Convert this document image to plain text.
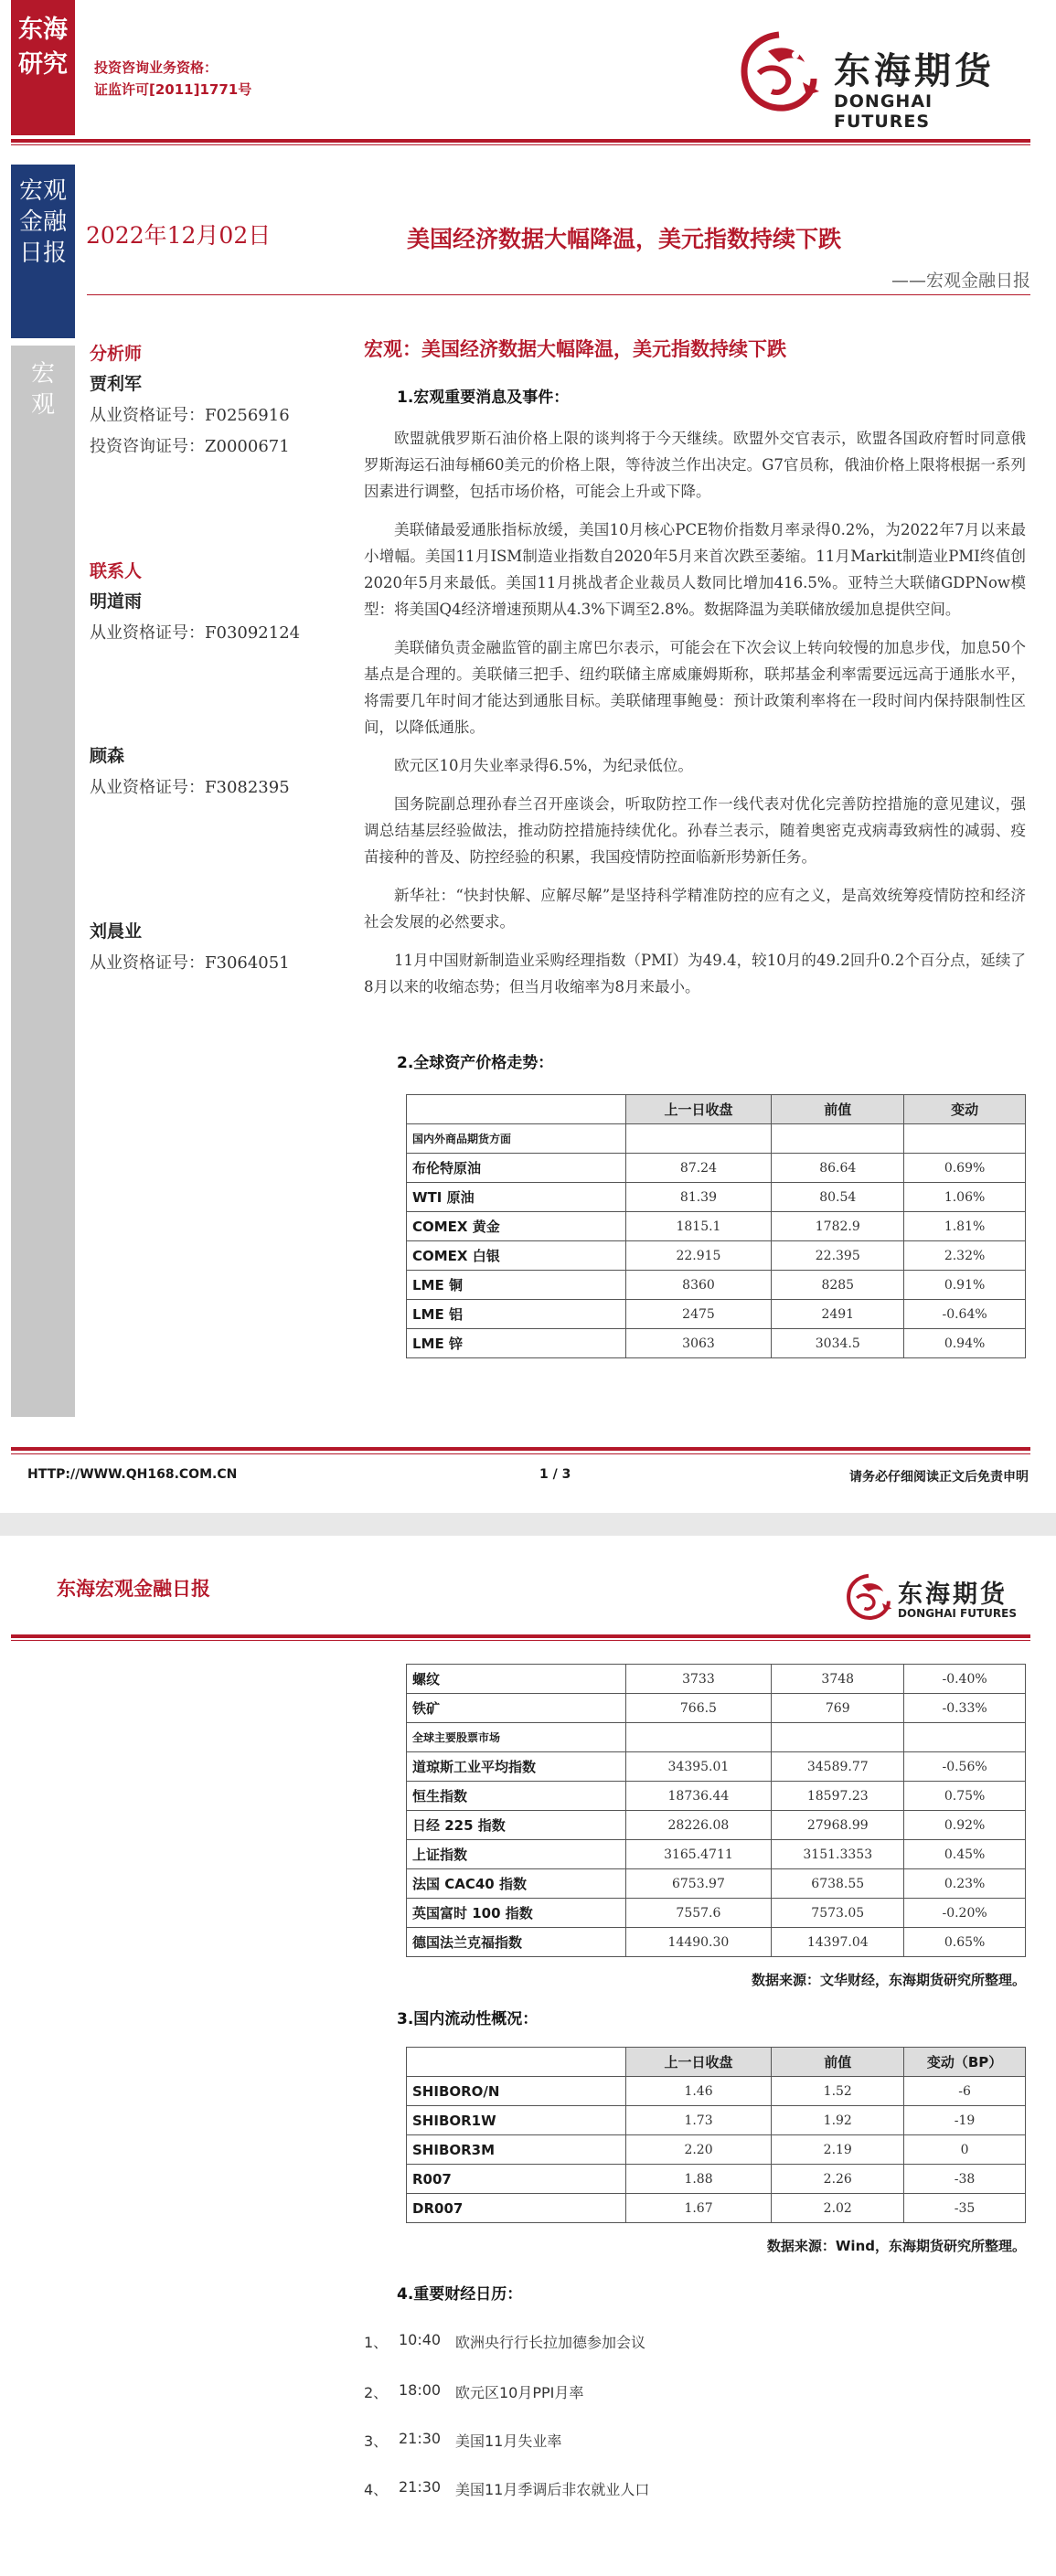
东海
研究	投资咨询业务资格：
证监许可[2011]1771号	东海期货
DONGHAI FUTURES
宏观
金融
日报
宏
观
2022年12月02日	美国经济数据大幅降温，美元指数持续下跌
——宏观金融日报
分析师
贾利军
从业资格证号：F0256916
投资咨询证号：Z0000671
联系人
明道雨
从业资格证号：F03092124
顾森
从业资格证号：F3082395
刘晨业
从业资格证号：F3064051
宏观：美国经济数据大幅降温，美元指数持续下跌
1.宏观重要消息及事件：

欧盟就俄罗斯石油价格上限的谈判将于今天继续。欧盟外交官表示，欧盟各国政府暂时同意俄罗斯海运石油每桶60美元的价格上限，等待波兰作出决定。G7官员称，俄油价格上限将根据一系列因素进行调整，包括市场价格，可能会上升或下降。

美联储最爱通胀指标放缓，美国10月核心PCE物价指数月率录得0.2%，为2022年7月以来最小增幅。美国11月ISM制造业指数自2020年5月来首次跌至萎缩。11月Markit制造业PMI终值创2020年5月来最低。美国11月挑战者企业裁员人数同比增加416.5%。亚特兰大联储GDPNow模型：将美国Q4经济增速预期从4.3%下调至2.8%。数据降温为美联储放缓加息提供空间。

美联储负责金融监管的副主席巴尔表示，可能会在下次会议上转向较慢的加息步伐，加息50个基点是合理的。美联储三把手、纽约联储主席威廉姆斯称，联邦基金利率需要远远高于通胀水平，将需要几年时间才能达到通胀目标。美联储理事鲍曼：预计政策利率将在一段时间内保持限制性区间，以降低通胀。

欧元区10月失业率录得6.5%，为纪录低位。

国务院副总理孙春兰召开座谈会，听取防控工作一线代表对优化完善防控措施的意见建议，强调总结基层经验做法，推动防控措施持续优化。孙春兰表示，随着奥密克戎病毒致病性的减弱、疫苗接种的普及、防控经验的积累，我国疫情防控面临新形势新任务。

新华社：“快封快解、应解尽解”是坚持科学精准防控的应有之义，是高效统筹疫情防控和经济社会发展的必然要求。

11月中国财新制造业采购经理指数（PMI）为49.4，较10月的49.2回升0.2个百分点，延续了8月以来的收缩态势；但当月收缩率为8月来最小。

2.全球资产价格走势：
	上一日收盘	前值	变动
国内外商品期货方面			
布伦特原油	87.24	86.64	0.69%
WTI 原油	81.39	80.54	1.06%
COMEX 黄金	1815.1	1782.9	1.81%
COMEX 白银	22.915	22.395	2.32%
LME 铜	8360	8285	0.91%
LME 铝	2475	2491	-0.64%
LME 锌	3063	3034.5	0.94%
HTTP://WWW.QH168.COM.CN	1 / 3	请务必仔细阅读正文后免责申明
东海宏观金融日报	东海期货
DONGHAI FUTURES
螺纹	3733	3748	-0.40%
铁矿	766.5	769	-0.33%
全球主要股票市场			
道琼斯工业平均指数	34395.01	34589.77	-0.56%
恒生指数	18736.44	18597.23	0.75%
日经 225 指数	28226.08	27968.99	0.92%
上证指数	3165.4711	3151.3353	0.45%
法国 CAC40 指数	6753.97	6738.55	0.23%
英国富时 100 指数	7557.6	7573.05	-0.20%
德国法兰克福指数	14490.30	14397.04	0.65%
数据来源：文华财经，东海期货研究所整理。
3.国内流动性概况：
	上一日收盘	前值	变动（BP）
SHIBORO/N	1.46	1.52	-6
SHIBOR1W	1.73	1.92	-19
SHIBOR3M	2.20	2.19	0
R007	1.88	2.26	-38
DR007	1.67	2.02	-35
数据来源：Wind，东海期货研究所整理。
4.重要财经日历：
1、 10:40 欧洲央行行长拉加德参加会议
2、 18:00 欧元区10月PPI月率
3、 21:30 美国11月失业率
4、 21:30 美国11月季调后非农就业人口
